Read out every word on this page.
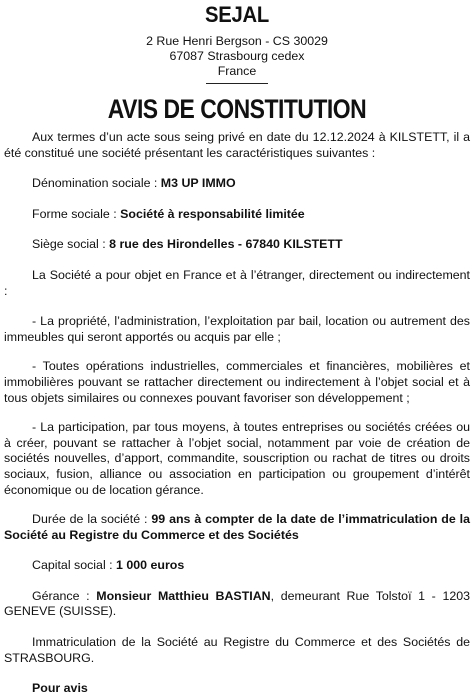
SEJAL

2 Rue Henri Bergson - CS 30029

67087 Strasbourg cedex

France

AVIS DE CONSTITUTION

Aux termes d’un acte sous seing privé en date du 12.12.2024 à KILSTETT, il a été constitué une société présentant les caractéristiques suivantes :

Dénomination sociale : M3 UP IMMO

Forme sociale : Société à responsabilité limitée

Siège social : 8 rue des Hirondelles - 67840 KILSTETT

La Société a pour objet en France et à l’étranger, directement ou indirectement :

- La propriété, l’administration, l’exploitation par bail, location ou autrement des immeubles qui seront apportés ou acquis par elle ;

- Toutes opérations industrielles, commerciales et financières, mobilières et immobilières pouvant se rattacher directement ou indirectement à l’objet social et à tous objets similaires ou connexes pouvant favoriser son développement ;

- La participation, par tous moyens, à toutes entreprises ou sociétés créées ou à créer, pouvant se rattacher à l’objet social, notamment par voie de création de sociétés nouvelles, d’apport, commandite, souscription ou rachat de titres ou droits sociaux, fusion, alliance ou association en participation ou groupement d’intérêt économique ou de location gérance.

Durée de la société : 99 ans à compter de la date de l’immatriculation de la Société au Registre du Commerce et des Sociétés

Capital social : 1 000 euros

Gérance : Monsieur Matthieu BASTIAN, demeurant Rue Tolstoï 1 - 1203 GENEVE (SUISSE).

Immatriculation de la Société au Registre du Commerce et des Sociétés de STRASBOURG.

Pour avis
